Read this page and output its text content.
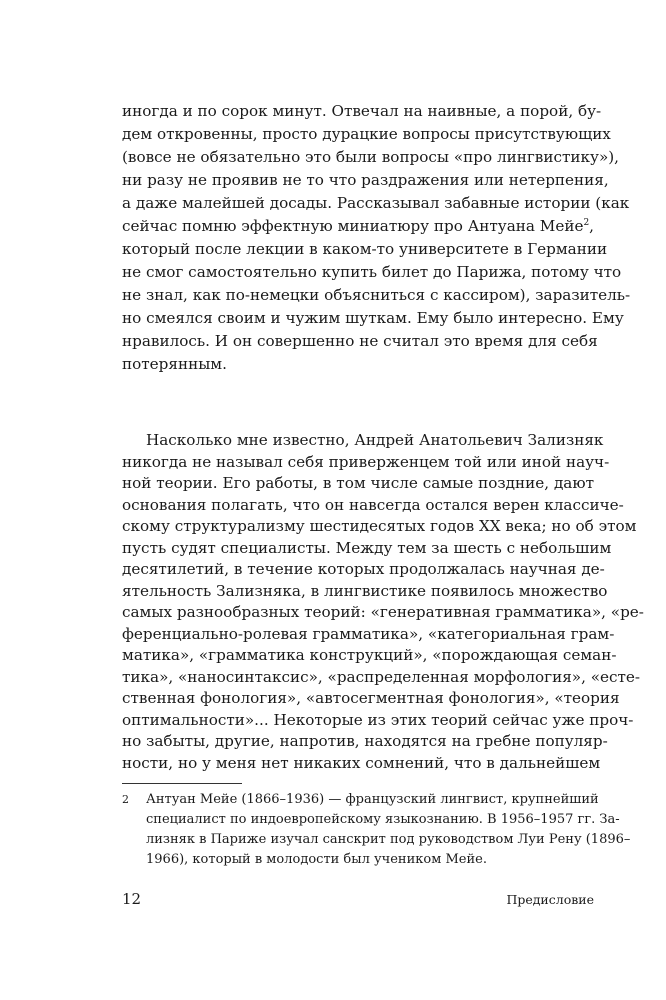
иногда и по сорок минут. Отвечал на наивные, а порой, бу-
дем откровенны, просто дурацкие вопросы присутствующих
(вовсе не обязательно это были вопросы «про лингвистику»),
ни разу не проявив не то что раздражения или нетерпения,
а даже малейшей досады. Рассказывал забавные истории (как
сейчас помню эффектную миниатюру про Антуана Мейе$^2$,
который после лекции в каком-то университете в Германии
не смог самостоятельно купить билет до Парижа, потому что
не знал, как по-немецки объясниться с кассиром), заразитель-
но смеялся своим и чужим шуткам. Ему было интересно. Ему
нравилось. И он совершенно не считал это время для себя
потерянным.
Насколько мне известно, Андрей Анатольевич Зализняк
никогда не называл себя приверженцем той или иной науч-
ной теории. Его работы, в том числе самые поздние, дают
основания полагать, что он навсегда остался верен классиче-
скому структурализму шестидесятых годов XX века; но об этом
пусть судят специалисты. Между тем за шесть с небольшим
десятилетий, в течение которых продолжалась научная де-
ятельность Зализняка, в лингвистике появилось множество
самых разнообразных теорий: «генеративная грамматика», «ре-
ференциально-ролевая грамматика», «категориальная грам-
матика», «грамматика конструкций», «порождающая семан-
тика», «наносинтаксис», «распределенная морфология», «есте-
ственная фонология», «автосегментная фонология», «теория
оптимальности»... Некоторые из этих теорий сейчас уже проч-
но забыты, другие, напротив, находятся на гребне популяр-
ности, но у меня нет никаких сомнений, что в дальнейшем
2 Антуан Мейе (1866–1936) — французский лингвист, крупнейший
специалист по индоевропейскому языкознанию. В 1956–1957 гг. За-
лизняк в Париже изучал санскрит под руководством Луи Рену (1896–
1966), который в молодости был учеником Мейе.
12	Предисловие
